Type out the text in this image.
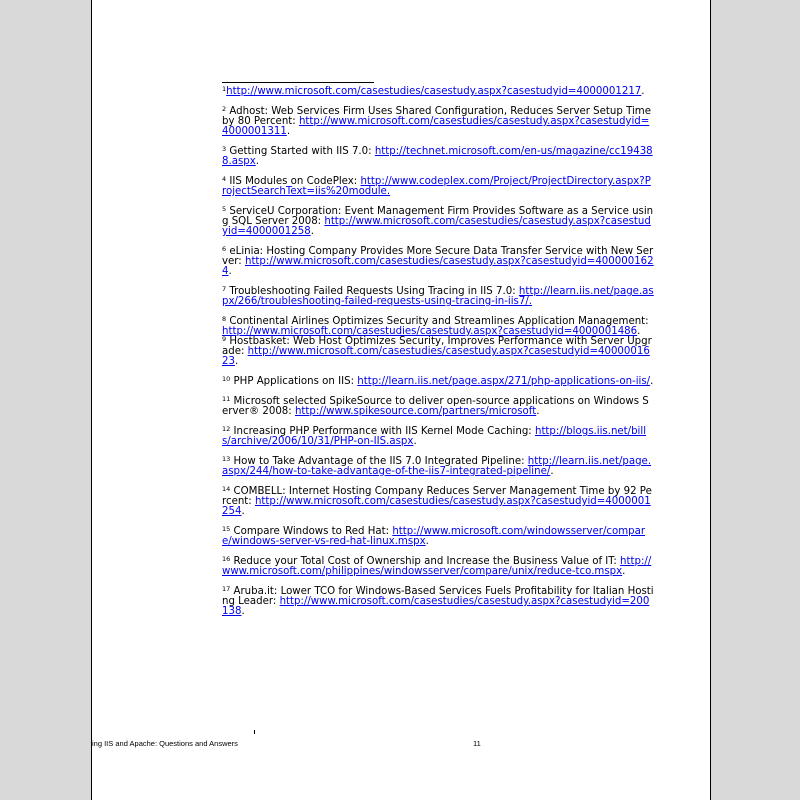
$^1$http://www.microsoft.com/casestudies/casestudy.aspx?casestudyid=4000001217.

$^2$ Adhost: Web Services Firm Uses Shared Configuration, Reduces Server Setup Time by 80 Percent: http://www.microsoft.com/casestudies/casestudy.aspx?casestudyid=4000001311.

$^3$ Getting Started with IIS 7.0: http://technet.microsoft.com/en-us/magazine/cc194388.aspx.

$^4$ IIS Modules on CodePlex: http://www.codeplex.com/Project/ProjectDirectory.aspx?ProjectSearchText=iis%20module.

$^5$ ServiceU Corporation: Event Management Firm Provides Software as a Service using SQL Server 2008: http://www.microsoft.com/casestudies/casestudy.aspx?casestudyid=4000001258.

$^6$ eLinia: Hosting Company Provides More Secure Data Transfer Service with New Server: http://www.microsoft.com/casestudies/casestudy.aspx?casestudyid=4000001624.

$^7$ Troubleshooting Failed Requests Using Tracing in IIS 7.0: http://learn.iis.net/page.aspx/266/troubleshooting-failed-requests-using-tracing-in-iis7/.

$^8$ Continental Airlines Optimizes Security and Streamlines Application Management: http://www.microsoft.com/casestudies/casestudy.aspx?casestudyid=4000001486.

$^9$ Hostbasket: Web Host Optimizes Security, Improves Performance with Server Upgrade: http://www.microsoft.com/casestudies/casestudy.aspx?casestudyid=4000001623.

$^{10}$ PHP Applications on IIS: http://learn.iis.net/page.aspx/271/php-applications-on-iis/.

$^{11}$ Microsoft selected SpikeSource to deliver open-source applications on Windows Server® 2008: http://www.spikesource.com/partners/microsoft.

$^{12}$ Increasing PHP Performance with IIS Kernel Mode Caching: http://blogs.iis.net/bills/archive/2006/10/31/PHP-on-IIS.aspx.

$^{13}$ How to Take Advantage of the IIS 7.0 Integrated Pipeline: http://learn.iis.net/page.aspx/244/how-to-take-advantage-of-the-iis7-integrated-pipeline/.

$^{14}$ COMBELL: Internet Hosting Company Reduces Server Management Time by 92 Percent: http://www.microsoft.com/casestudies/casestudy.aspx?casestudyid=4000001254.

$^{15}$ Compare Windows to Red Hat: http://www.microsoft.com/windowsserver/compare/windows-server-vs-red-hat-linux.mspx.

$^{16}$ Reduce your Total Cost of Ownership and Increase the Business Value of IT: http://www.microsoft.com/philippines/windowsserver/compare/unix/reduce-tco.mspx.

$^{17}$ Aruba.it: Lower TCO for Windows-Based Services Fuels Profitability for Italian Hosting Leader: http://www.microsoft.com/casestudies/casestudy.aspx?casestudyid=200138.

ing IIS and Apache: Questions and Answers	11
